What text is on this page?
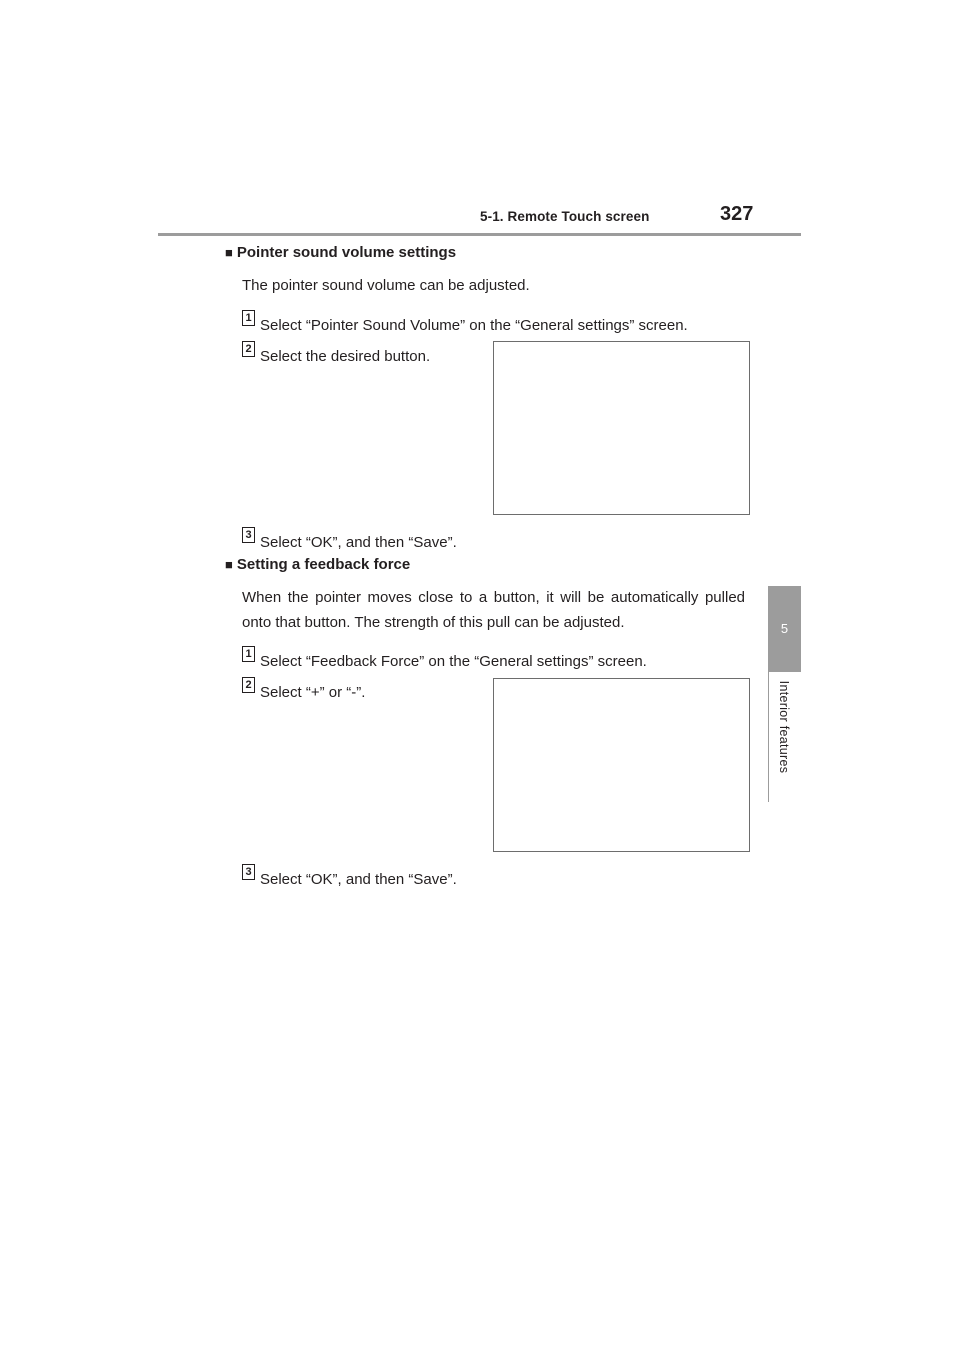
5-1. Remote Touch screen	327
5
Interior features
■ Pointer sound volume settings
The pointer sound volume can be adjusted.
1 Select “Pointer Sound Volume” on the “General settings” screen.
2 Select the desired button.
3 Select “OK”, and then “Save”.
■ Setting a feedback force
When the pointer moves close to a button, it will be automatically pulled onto that button. The strength of this pull can be adjusted.
1 Select “Feedback Force” on the “General settings” screen.
2 Select “+” or “-”.
3 Select “OK”, and then “Save”.
